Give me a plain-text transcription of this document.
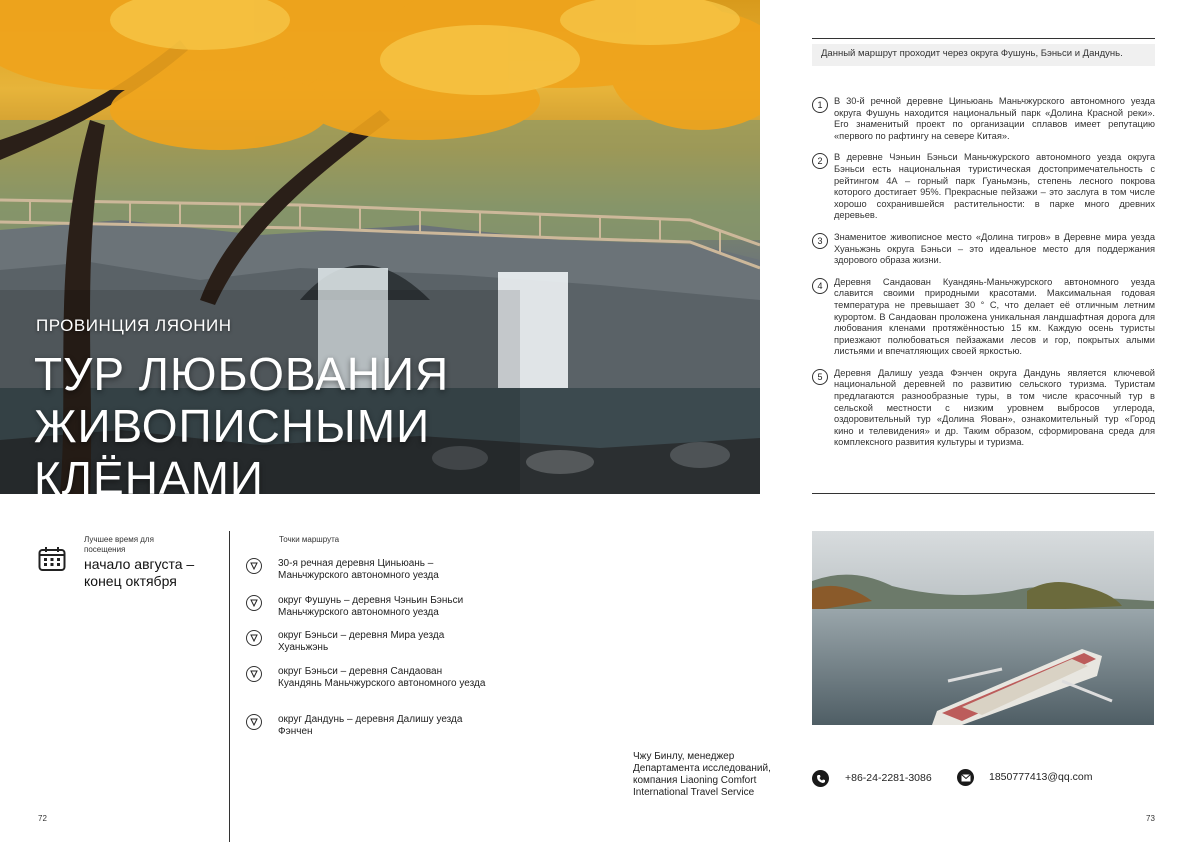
ПРОВИНЦИЯ ЛЯОНИН
ТУР ЛЮБОВАНИЯ
ЖИВОПИСНЫМИ
КЛЁНАМИ
Данный маршрут проходит через округа Фушунь, Бэньси и Дандунь.
1	В 30-й речной деревне Циньюань Маньчжурского автономного уезда округа Фушунь находится национальный парк «Долина Красной реки». Его знаменитый проект по организации сплавов имеет репутацию «первого по рафтингу на севере Китая».
2	В деревне Чэньин Бэньси Маньчжурского автономного уезда округа Бэньси есть национальная туристическая достопримечательность с рейтингом 4А – горный парк Гуаньмэнь, степень лесного покрова которого достигает 95%. Прекрасные пейзажи – это заслуга в том числе хорошо сохранившейся растительности: в парке много древних деревьев.
3	Знаменитое живописное место «Долина тигров» в Деревне мира уезда Хуаньжэнь округа Бэньси – это идеальное место для поддержания здорового образа жизни.
4	Деревня Сандаован Куандянь-Маньчжурского автономного уезда славится своими природными красотами. Максимальная годовая температура не превышает 30 ° С, что делает её отличным летним курортом. В Сандаован проложена уникальная ландшафтная дорога для любования кленами протяжённостью 15 км. Каждую осень туристы приезжают полюбоваться пейзажами лесов и гор, покрытых алыми листьями и впечатляющих своей яркостью.
5	Деревня Далишу уезда Фэнчен округа Дандунь является ключевой национальной деревней по развитию сельского туризма. Туристам предлагаются разнообразные туры, в том числе красочный тур в сельской местности с низким уровнем выбросов углерода, оздоровительный тур «Долина Яован», ознакомительный тур «Город кино и телевидения» и др. Таким образом, сформирована среда для комплексного развития культуры и туризма.
Лучшее время для посещения
начало августа – конец октября
Точки маршрута
30-я речная деревня Циньюань – Маньчжурского автономного уезда
округ Фушунь – деревня Чэньин Бэньси Маньчжурского автономного уезда
округ Бэньси – деревня Мира уезда Хуаньжэнь
округ Бэньси – деревня Сандаован Куандянь Маньчжурского автономного уезда
округ Дандунь – деревня Далишу уезда Фэнчен
Чжу Бинлу, менеджер Департамента исследований, компания Liaoning Comfort International Travel Service
+86-24-2281-3086	1850777413@qq.com
72	73
